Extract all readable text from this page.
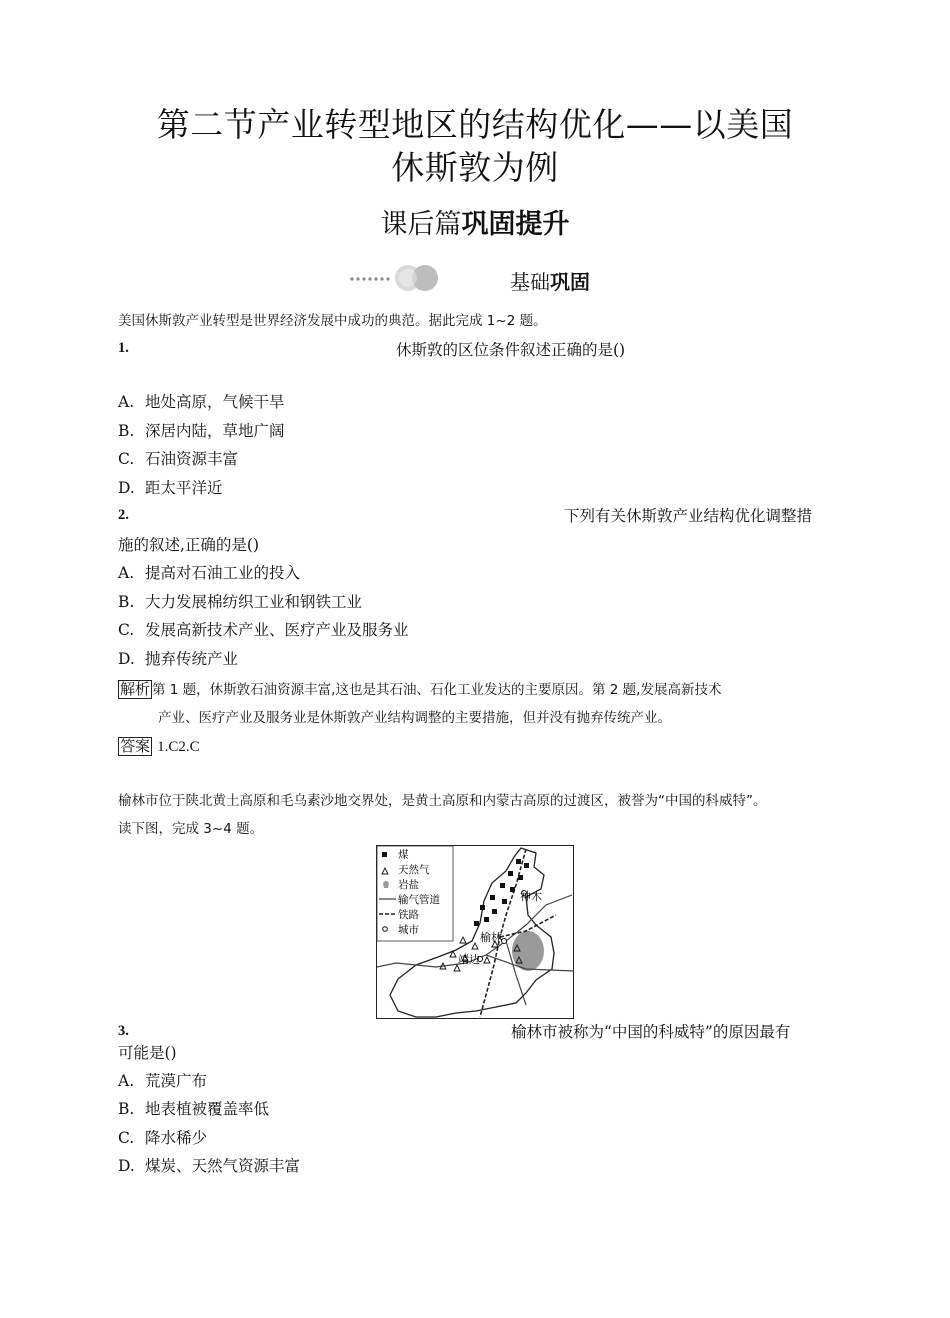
第二节产业转型地区的结构优化——以美国
休斯敦为例
课后篇巩固提升
基础巩固
美国休斯敦产业转型是世界经济发展中成功的典范。据此完成 1~2 题。
1.	休斯敦的区位条件叙述正确的是()
A. 地处高原，气候干旱
B. 深居内陆，草地广阔
C. 石油资源丰富
D. 距太平洋近
2.	下列有关休斯敦产业结构优化调整措
施的叙述,正确的是()
A. 提高对石油工业的投入
B. 大力发展棉纺织工业和钢铁工业
C. 发展高新技术产业、医疗产业及服务业
D. 抛弃传统产业
解析 第 1 题，休斯敦石油资源丰富,这也是其石油、石化工业发达的主要原因。第 2 题,发展高新技术
产业、医疗产业及服务业是休斯敦产业结构调整的主要措施，但并没有抛弃传统产业。
答案 1.C2.C
榆林市位于陕北黄土高原和毛乌素沙地交界处，是黄土高原和内蒙古高原的过渡区，被誉为“中国的科威特”。
读下图，完成 3~4 题。
神木
榆林
靖边
煤
天然气
岩盐
输气管道
铁路
城市
3.	榆林市被称为“中国的科威特”的原因最有
可能是()
A. 荒漠广布
B. 地表植被覆盖率低
C. 降水稀少
D. 煤炭、天然气资源丰富
